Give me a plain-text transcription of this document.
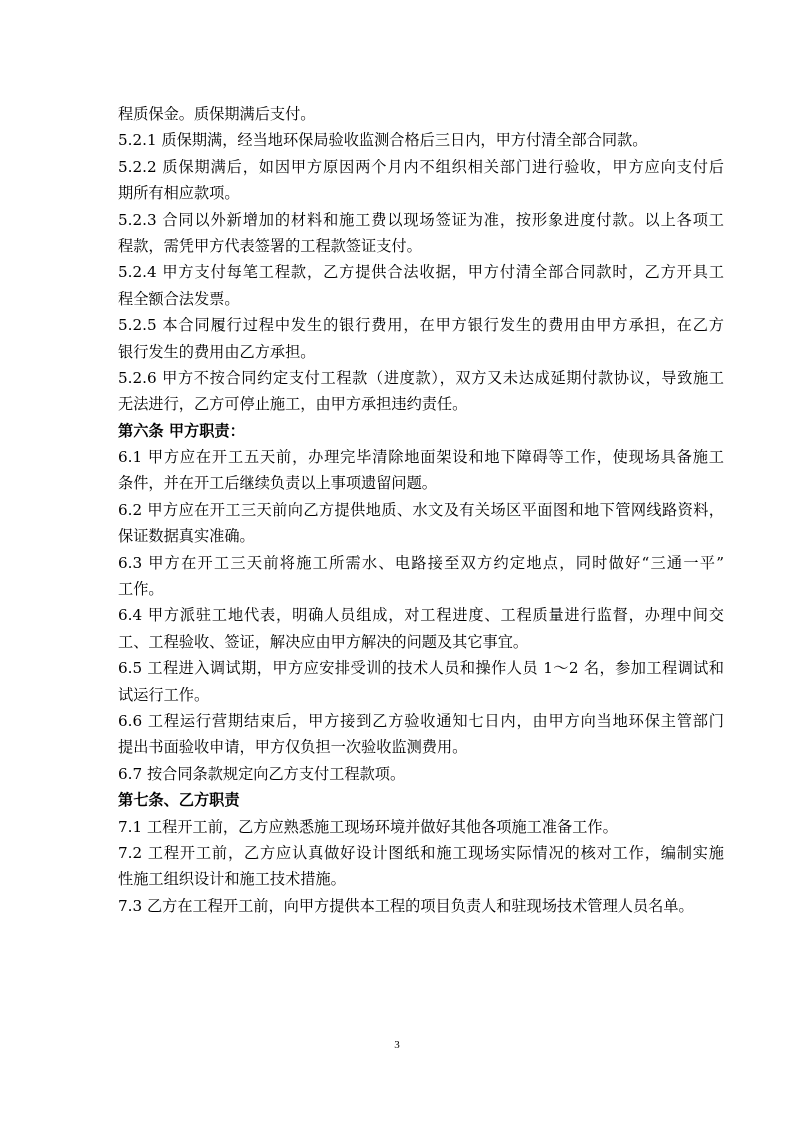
程质保金。质保期满后支付。
5.2.1 质保期满，经当地环保局验收监测合格后三日内，甲方付清全部合同款。
5.2.2 质保期满后，如因甲方原因两个月内不组织相关部门进行验收，甲方应向支付后
期所有相应款项。
5.2.3 合同以外新增加的材料和施工费以现场签证为准，按形象进度付款。以上各项工
程款，需凭甲方代表签署的工程款签证支付。
5.2.4 甲方支付每笔工程款，乙方提供合法收据，甲方付清全部合同款时，乙方开具工
程全额合法发票。
5.2.5 本合同履行过程中发生的银行费用，在甲方银行发生的费用由甲方承担，在乙方
银行发生的费用由乙方承担。
5.2.6 甲方不按合同约定支付工程款（进度款），双方又未达成延期付款协议，导致施工
无法进行，乙方可停止施工，由甲方承担违约责任。
第六条 甲方职责：
6.1 甲方应在开工五天前，办理完毕清除地面架设和地下障碍等工作，使现场具备施工
条件，并在开工后继续负责以上事项遗留问题。
6.2 甲方应在开工三天前向乙方提供地质、水文及有关场区平面图和地下管网线路资料，
保证数据真实准确。
6.3 甲方在开工三天前将施工所需水、电路接至双方约定地点，同时做好“三通一平”
工作。
6.4 甲方派驻工地代表，明确人员组成，对工程进度、工程质量进行监督，办理中间交
工、工程验收、签证，解决应由甲方解决的问题及其它事宜。
6.5 工程进入调试期，甲方应安排受训的技术人员和操作人员 1～2 名，参加工程调试和
试运行工作。
6.6 工程运行营期结束后，甲方接到乙方验收通知七日内，由甲方向当地环保主管部门
提出书面验收申请，甲方仅负担一次验收监测费用。
6.7 按合同条款规定向乙方支付工程款项。
第七条、乙方职责
7.1 工程开工前，乙方应熟悉施工现场环境并做好其他各项施工准备工作。
7.2 工程开工前，乙方应认真做好设计图纸和施工现场实际情况的核对工作，编制实施
性施工组织设计和施工技术措施。
7.3 乙方在工程开工前，向甲方提供本工程的项目负责人和驻现场技术管理人员名单。
3
